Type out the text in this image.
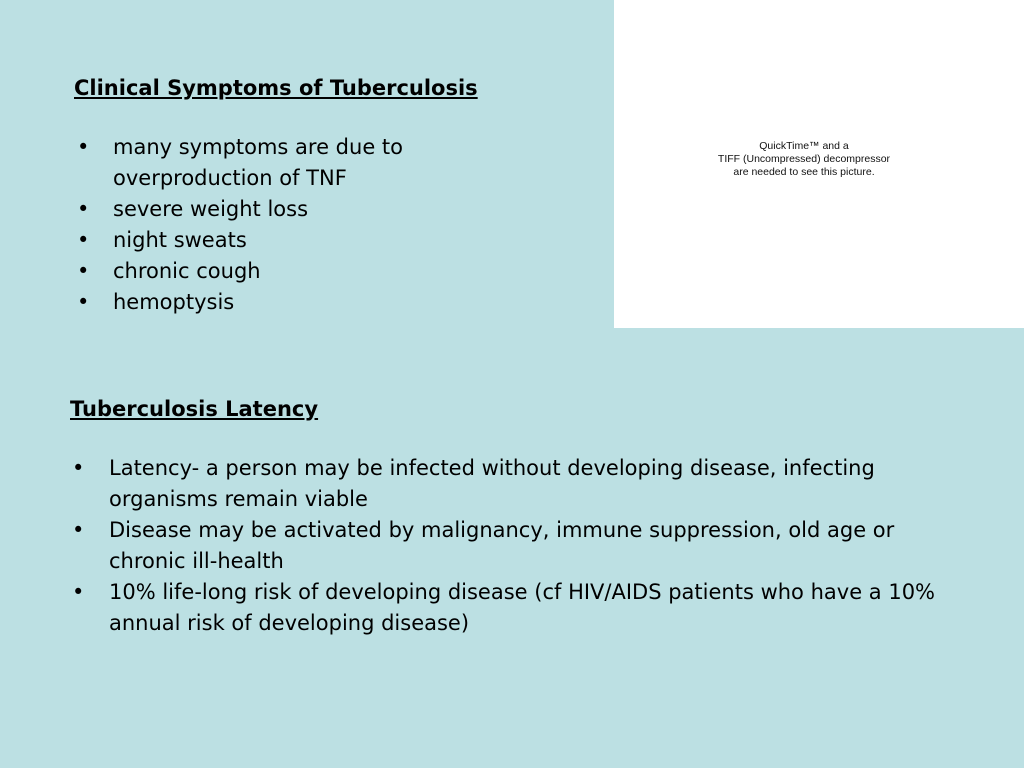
Clinical Symptoms of Tuberculosis
• many symptoms are due to overproduction of TNF
• severe weight loss
• night sweats
• chronic cough
• hemoptysis
QuickTime™ and a
TIFF (Uncompressed) decompressor
are needed to see this picture.
Tuberculosis Latency
• Latency- a person may be infected without developing disease, infecting organisms remain viable
• Disease may be activated by malignancy, immune suppression, old age or chronic ill-health
• 10% life-long risk of developing disease (cf HIV/AIDS patients who have a 10% annual risk of developing disease)
